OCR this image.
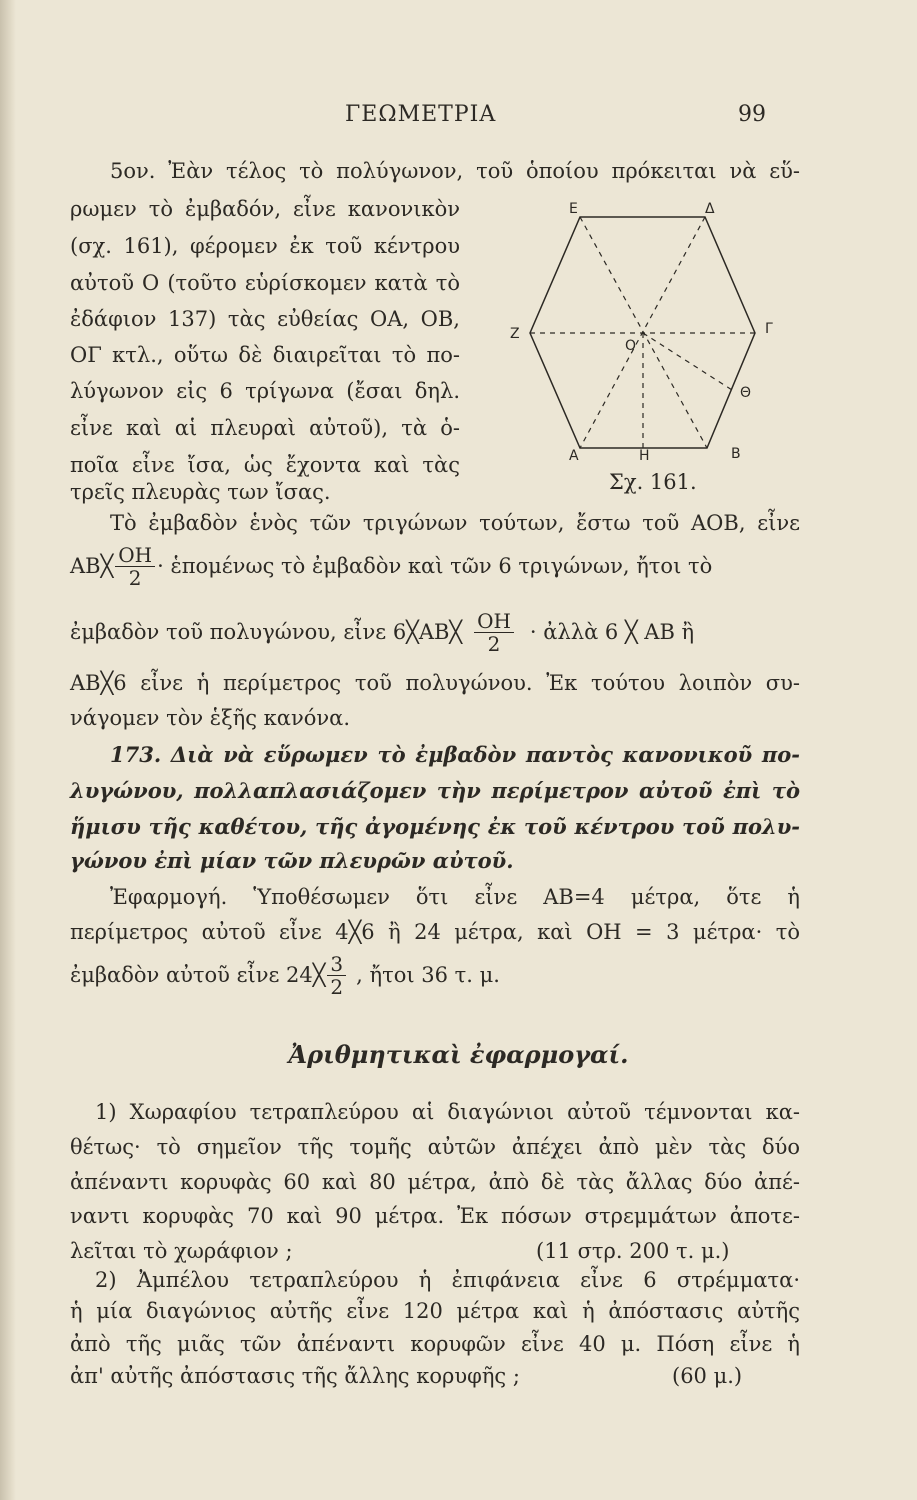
ΓΕΩΜΕΤΡΙΑ	99

5ον. Ἐὰν τέλος τὸ πολύγωνον, τοῦ ὁποίου πρόκειται νὰ εὕ-

ρωμεν τὸ ἐμβαδόν, εἶνε κανονικὸν

(σχ. 161), φέρομεν ἐκ τοῦ κέντρου

αὐτοῦ Ο (τοῦτο εὑρίσκομεν κατὰ τὸ

ἐδάφιον 137) τὰς εὐθείας ΟΑ, ΟΒ,

ΟΓ κτλ., οὕτω δὲ διαιρεῖται τὸ πο-

λύγωνον εἰς 6 τρίγωνα (ἔσαι δηλ.

εἶνε καὶ αἱ πλευραὶ αὐτοῦ), τὰ ὁ-

ποῖα εἶνε ἴσα, ὡς ἔχοντα καὶ τὰς

τρεῖς πλευρὰς των ἴσας.

Τὸ ἐμβαδὸν ἑνὸς τῶν τριγώνων τούτων, ἔστω τοῦ ΑΟΒ, εἶνε

ΑΒ╳ $\frac{OH}{2}$ · ἑπομένως τὸ ἐμβαδὸν καὶ τῶν 6 τριγώνων, ἤτοι τὸ
ἐμβαδὸν τοῦ πολυγώνου, εἶνε 6╳ΑΒ╳ $\frac{OH}{2}$ · ἀλλὰ 6 ╳ ΑΒ ἢ

ΑΒ╳6 εἶνε ἡ περίμετρος τοῦ πολυγώνου. Ἐκ τούτου λοιπὸν συ-

νάγομεν τὸν ἑξῆς κανόνα.

Ε	Δ
Ζ	Γ
Ο
Θ
Α	Η	Β
Σχ. 161.

173. Διὰ νὰ εὕρωμεν τὸ ἐμβαδὸν παντὸς κανονικοῦ πο-

λυγώνου, πολλαπλασιάζομεν τὴν περίμετρον αὐτοῦ ἐπὶ τὸ

ἥμισυ τῆς καθέτου, τῆς ἀγομένης ἐκ τοῦ κέντρου τοῦ πολυ-

γώνου ἐπὶ μίαν τῶν πλευρῶν αὐτοῦ.

Ἐφαρμογή. Ὑποθέσωμεν ὅτι εἶνε ΑΒ=4 μέτρα, ὅτε ἡ

περίμετρος αὐτοῦ εἶνε 4╳6 ἢ 24 μέτρα, καὶ ΟΗ = 3 μέτρα· τὸ

ἐμβαδὸν αὐτοῦ εἶνε 24╳ $\frac{3}{2}$ , ἤτοι 36 τ. μ.
Ἀριθμητικαὶ ἐφαρμογαί.

1) Χωραφίου τετραπλεύρου αἱ διαγώνιοι αὐτοῦ τέμνονται κα-

θέτως· τὸ σημεῖον τῆς τομῆς αὐτῶν ἀπέχει ἀπὸ μὲν τὰς δύο

ἀπέναντι κορυφὰς 60 καὶ 80 μέτρα, ἀπὸ δὲ τὰς ἄλλας δύο ἀπέ-

ναντι κορυφὰς 70 καὶ 90 μέτρα. Ἐκ πόσων στρεμμάτων ἀποτε-

λεῖται τὸ χωράφιον ;	(11 στρ. 200 τ. μ.)

2) Ἀμπέλου τετραπλεύρου ἡ ἐπιφάνεια εἶνε 6 στρέμματα·

ἡ μία διαγώνιος αὐτῆς εἶνε 120 μέτρα καὶ ἡ ἀπόστασις αὐτῆς

ἀπὸ τῆς μιᾶς τῶν ἀπέναντι κορυφῶν εἶνε 40 μ. Πόση εἶνε ἡ

ἀπ' αὐτῆς ἀπόστασις τῆς ἄλλης κορυφῆς ;	(60 μ.)
